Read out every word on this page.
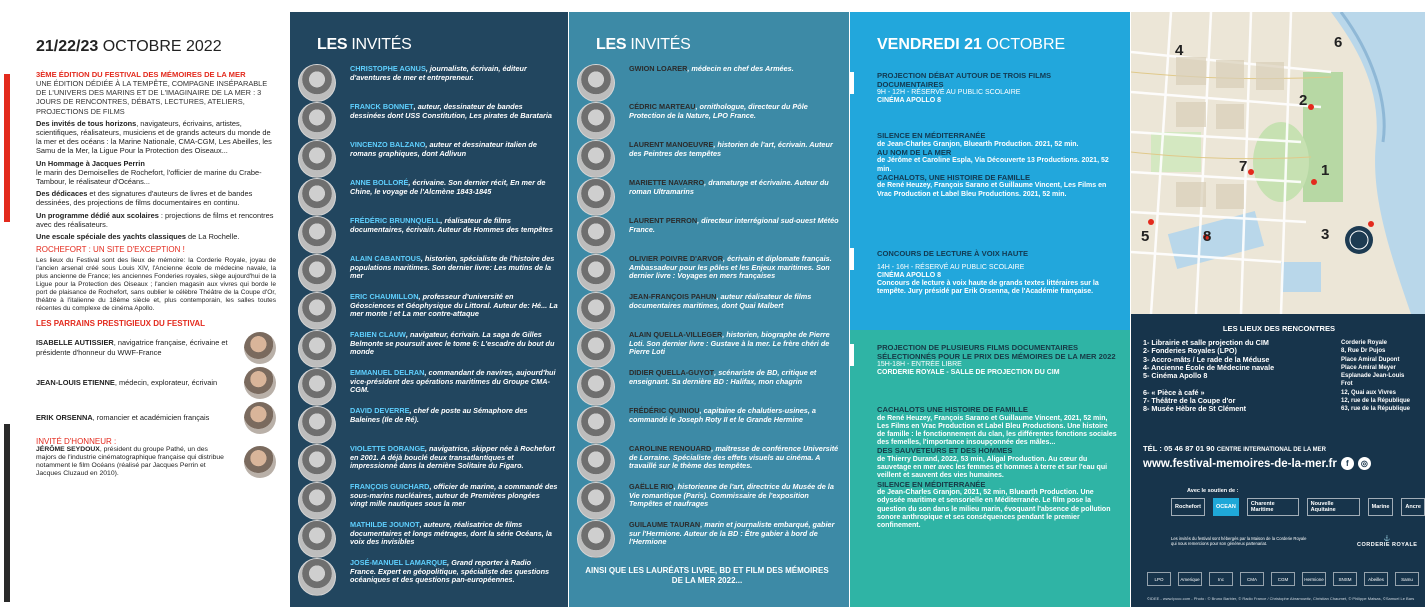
21/22/23 OCTOBRE 2022
3ÈME ÉDITION DU FESTIVAL DES MÉMOIRES DE LA MER

UNE ÉDITION DÉDIÉE À LA TEMPÊTE, COMPAGNE INSÉPARABLE DE L'UNIVERS DES MARINS ET DE L'IMAGINAIRE DE LA MER : 3 JOURS DE RENCONTRES, DÉBATS, LECTURES, ATELIERS, PROJECTIONS DE FILMS

Des invités de tous horizons, navigateurs, écrivains, artistes, scientifiques, réalisateurs, musiciens et de grands acteurs du monde de la mer et des océans : la Marine Nationale, CMA-CGM, Les Abeilles, les Samu de la Mer, la Ligue Pour la Protection des Oiseaux...

Un Hommage à Jacques Perrin
le marin des Demoiselles de Rochefort, l'officier de marine du Crabe-Tambour, le réalisateur d'Océans...

Des dédicaces et des signatures d'auteurs de livres et de bandes dessinées, des projections de films documentaires en continu.

Un programme dédié aux scolaires : projections de films et rencontres avec des réalisateurs.

Une escale spéciale des yachts classiques de La Rochelle.

ROCHEFORT : UN SITE D'EXCEPTION !

Les lieux du Festival sont des lieux de mémoire: la Corderie Royale, joyau de l'ancien arsenal créé sous Louis XIV, l'Ancienne école de médecine navale, la plus ancienne de France; les anciennes Fonderies royales, siège aujourd'hui de la Ligue pour la Protection des Oiseaux ; l'ancien magasin aux vivres qui borde le port de plaisance de Rochefort, sans oublier le célèbre Théâtre de la Coupe d'Or, théâtre à l'italienne du 18ème siècle et, plus contemporain, les salles toutes récentes du complexe de cinéma Apollo.

LES PARRAINS PRESTIGIEUX DU FESTIVAL
ISABELLE AUTISSIER, navigatrice française, écrivaine et présidente d'honneur du WWF-France
JEAN-LOUIS ETIENNE, médecin, explorateur, écrivain
ERIK ORSENNA, romancier et académicien français
INVITÉ D'HONNEUR :
JÉRÔME SEYDOUX, président du groupe Pathé, un des majors de l'industrie cinématographique française qui distribue notamment le film Océans (réalisé par Jacques Perrin et Jacques Cluzaud en 2010).
LES INVITÉS
CHRISTOPHE AGNUS, journaliste, écrivain, éditeur d'aventures de mer et entrepreneur.
FRANCK BONNET, auteur, dessinateur de bandes dessinées dont USS Constitution, Les pirates de Barataria
VINCENZO BALZANO, auteur et dessinateur italien de romans graphiques, dont Adlivun
ANNE BOLLORÉ, écrivaine. Son dernier récit, En mer de Chine, le voyage de l'Alcmène 1843-1845
FRÉDÉRIC BRUNNQUELL, réalisateur de films documentaires, écrivain. Auteur de Hommes des tempêtes
ALAIN CABANTOUS, historien, spécialiste de l'histoire des populations maritimes. Son dernier livre: Les mutins de la mer
ERIC CHAUMILLON, professeur d'université en Géosciences et Géophysique du Littoral. Auteur de: Hé... La mer monte ! et La mer contre-attaque
FABIEN CLAUW, navigateur, écrivain. La saga de Gilles Belmonte se poursuit avec le tome 6: L'escadre du bout du monde
EMMANUEL DELRAN, commandant de navires, aujourd'hui vice-président des opérations maritimes du Groupe CMA-CGM.
DAVID DEVERRE, chef de poste au Sémaphore des Baleines (Ile de Ré).
VIOLETTE DORANGE, navigatrice, skipper née à Rochefort en 2001. A déjà bouclé deux transatlantiques et impressionné dans la dernière Solitaire du Figaro.
FRANÇOIS GUICHARD, officier de marine, a commandé des sous-marins nucléaires, auteur de Premières plongées vingt mille nautiques sous la mer
MATHILDE JOUNOT, auteure, réalisatrice de films documentaires et longs métrages, dont la série Océans, la voix des invisibles
JOSÉ-MANUEL LAMARQUE, Grand reporter à Radio France. Expert en géopolitique, spécialiste des questions océaniques et des questions pan-européennes.
LES INVITÉS
GWION LOARER, médecin en chef des Armées.
CÉDRIC MARTEAU, ornithologue, directeur du Pôle Protection de la Nature, LPO France.
LAURENT MANOEUVRE, historien de l'art, écrivain. Auteur des Peintres des tempêtes
MARIETTE NAVARRO, dramaturge et écrivaine. Auteur du roman Ultramarins
LAURENT PERRON, directeur interrégional sud-ouest Météo France.
OLIVIER POIVRE D'ARVOR, écrivain et diplomate français. Ambassadeur pour les pôles et les Enjeux maritimes. Son dernier livre : Voyages en mers françaises
JEAN-FRANÇOIS PAHUN, auteur réalisateur de films documentaires maritimes, dont Quai Malbert
ALAIN QUELLA-VILLEGER, historien, biographe de Pierre Loti. Son dernier livre : Gustave à la mer. Le frère chéri de Pierre Loti
DIDIER QUELLA-GUYOT, scénariste de BD, critique et enseignant. Sa dernière BD : Halifax, mon chagrin
FRÉDÉRIC QUINIOU, capitaine de chalutiers-usines, a commandé le Joseph Roty II et le Grande Hermine
CAROLINE RENOUARD, maîtresse de conférence Université de Lorraine. Spécialiste des effets visuels au cinéma. A travaillé sur le thème des tempêtes.
GAËLLE RIO, historienne de l'art, directrice du Musée de la Vie romantique (Paris). Commissaire de l'exposition Tempêtes et naufrages
GUILAUME TAURAN, marin et journaliste embarqué, gabier sur l'Hermione. Auteur de la BD : Être gabier à bord de l'Hermione
AINSI QUE LES LAURÉATS LIVRE, BD ET FILM DES MÉMOIRES DE LA MER 2022...
VENDREDI 21 OCTOBRE
PROJECTION DÉBAT AUTOUR DE TROIS FILMS DOCUMENTAIRES
9H - 12H - RÉSERVÉ AU PUBLIC SCOLAIRE
CINÉMA APOLLO 8
SILENCE EN MÉDITERRANÉE
de Jean-Charles Granjon, Bluearth Production. 2021, 52 min.
AU NOM DE LA MER
de Jérôme et Caroline Espla, Via Découverte 13 Productions. 2021, 52 min.
CACHALOTS, UNE HISTOIRE DE FAMILLE
de René Heuzey, François Sarano et Guillaume Vincent, Les Films en Vrac Production et Label Bleu Productions. 2021, 52 min.
CONCOURS DE LECTURE À VOIX HAUTE
14H - 16H - RÉSERVÉ AU PUBLIC SCOLAIRE
CINÉMA APOLLO 8
Concours de lecture à voix haute de grands textes littéraires sur la tempête. Jury présidé par Erik Orsenna, de l'Académie française.
PROJECTION DE PLUSIEURS FILMS DOCUMENTAIRES SÉLECTIONNÉS POUR LE PRIX DES MÉMOIRES DE LA MER 2022
15H-18H - ENTRÉE LIBRE
CORDERIE ROYALE - SALLE DE PROJECTION DU CIM
CACHALOTS UNE HISTOIRE DE FAMILLE
de René Heuzey, François Sarano et Guillaume Vincent, 2021, 52 min, Les Films en Vrac Production et Label Bleu Productions. Une histoire de famille : le fonctionnement du clan, les différentes fonctions sociales des femelles, l'importance insoupçonnée des mâles...
DES SAUVETEURS ET DES HOMMES
de Thierry Durand, 2022, 53 min, Aligal Production. Au cœur du sauvetage en mer avec les femmes et hommes à terre et sur l'eau qui veillent et sauvent des vies humaines.
SILENCE EN MÉDITERRANÉE
de Jean-Charles Granjon, 2021, 52 min, Bluearth Production. Une odyssée maritime et sensorielle en Méditerranée. Le film pose la question du son dans le milieu marin, évoquant l'absence de pollution sonore anthropique et ses conséquences pendant le premier confinement.
4	6
2
7	1
5	8	3
LES LIEUX DES RENCONTRES
1- Librairie et salle projection du CIM	Corderie Royale
2- Fonderies Royales (LPO)	8, Rue Dr Pujos
3- Accro-mâts / Le rade de la Méduse	Place Amiral Dupont
4- Ancienne École de Médecine navale	Place Amiral Meyer
5- Cinéma Apollo 8	Esplanade Jean-Louis Frot
6- « Pièce à café »	12, Quai aux Vivres
7- Théâtre de la Coupe d'or	12, rue de la République
8- Musée Hèbre de St Clément	63, rue de la République
TÉL : 05 46 87 01 90 CENTRE INTERNATIONAL DE LA MER
www.festival-memoires-de-la-mer.fr	f	◎
Avec le soutien de :
Rochefort	OCEAN	Charente Maritime
Nouvelle Aquitaine	Marine	Ancre
Les invités du festival sont hébergés par la Maison de la Corderie Royale qui nous remercions pour son généreux partenariat.
⚓
CORDERIE ROYALE
LPO	Amerique	Inc	CMA	CGM	Hermione	SNSM	Abeilles	Samu
©IDEE - www.lpccc.com - Photo : © Bruno Barbier, © Radio France / Christophe Abramowitz, Christian Chaumet, © Philippe Matsas, ©Samuel Le Bars
